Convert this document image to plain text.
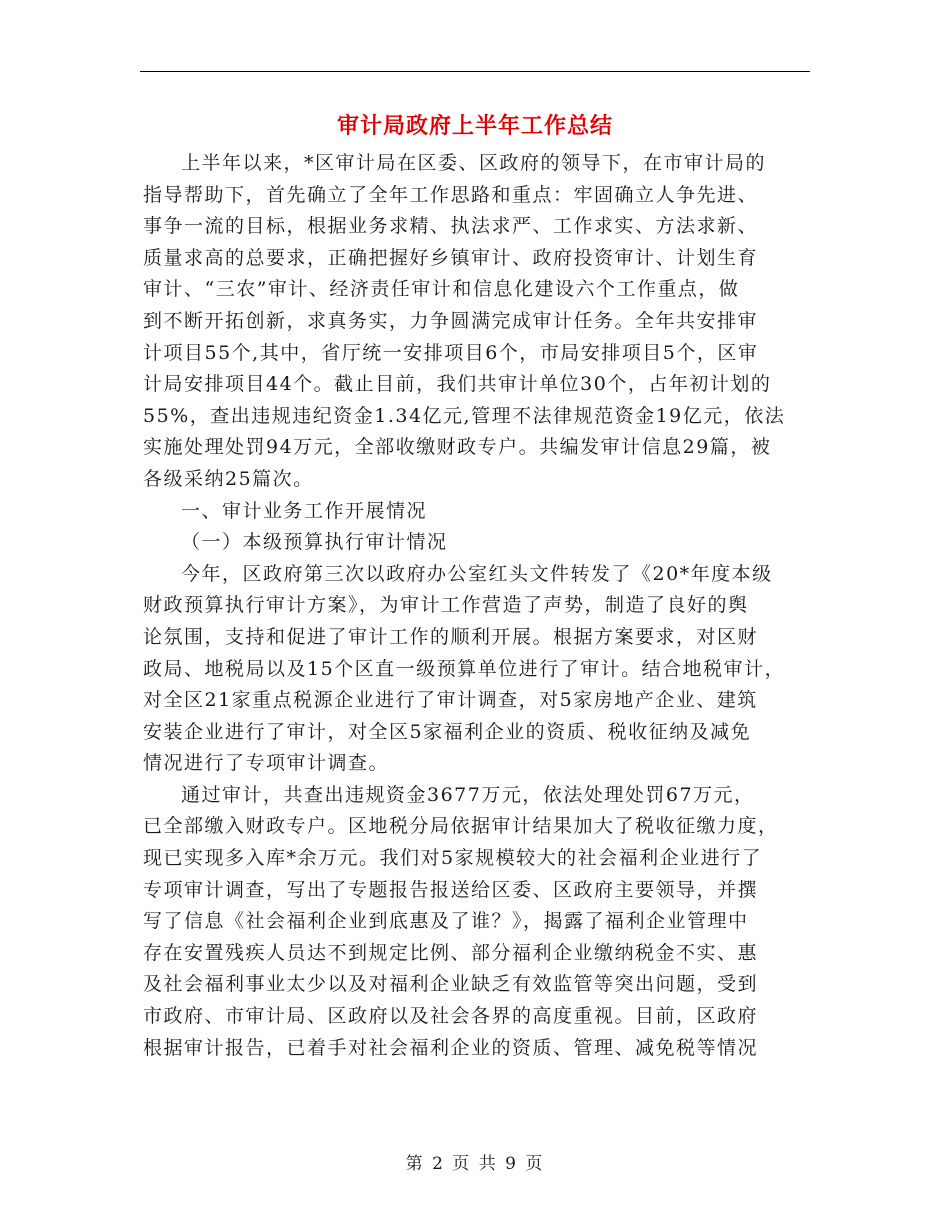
审计局政府上半年工作总结
上半年以来，*区审计局在区委、区政府的领导下，在市审计局的
指导帮助下，首先确立了全年工作思路和重点：牢固确立人争先进、
事争一流的目标，根据业务求精、执法求严、工作求实、方法求新、
质量求高的总要求，正确把握好乡镇审计、政府投资审计、计划生育
审计、“三农”审计、经济责任审计和信息化建设六个工作重点，做
到不断开拓创新，求真务实，力争圆满完成审计任务。全年共安排审
计项目55个,其中，省厅统一安排项目6个，市局安排项目5个，区审
计局安排项目44个。截止目前，我们共审计单位30个，占年初计划的
55%，查出违规违纪资金1.34亿元,管理不法律规范资金19亿元，依法
实施处理处罚94万元，全部收缴财政专户。共编发审计信息29篇，被
各级采纳25篇次。
一、审计业务工作开展情况
（一）本级预算执行审计情况
今年，区政府第三次以政府办公室红头文件转发了《20*年度本级
财政预算执行审计方案》，为审计工作营造了声势，制造了良好的舆
论氛围，支持和促进了审计工作的顺利开展。根据方案要求，对区财
政局、地税局以及15个区直一级预算单位进行了审计。结合地税审计，
对全区21家重点税源企业进行了审计调查，对5家房地产企业、建筑
安装企业进行了审计，对全区5家福利企业的资质、税收征纳及减免
情况进行了专项审计调查。
通过审计，共查出违规资金3677万元，依法处理处罚67万元，
已全部缴入财政专户。区地税分局依据审计结果加大了税收征缴力度，
现已实现多入库*余万元。我们对5家规模较大的社会福利企业进行了
专项审计调查，写出了专题报告报送给区委、区政府主要领导，并撰
写了信息《社会福利企业到底惠及了谁？》，揭露了福利企业管理中
存在安置残疾人员达不到规定比例、部分福利企业缴纳税金不实、惠
及社会福利事业太少以及对福利企业缺乏有效监管等突出问题，受到
市政府、市审计局、区政府以及社会各界的高度重视。目前，区政府
根据审计报告，已着手对社会福利企业的资质、管理、减免税等情况
第 2 页 共 9 页
